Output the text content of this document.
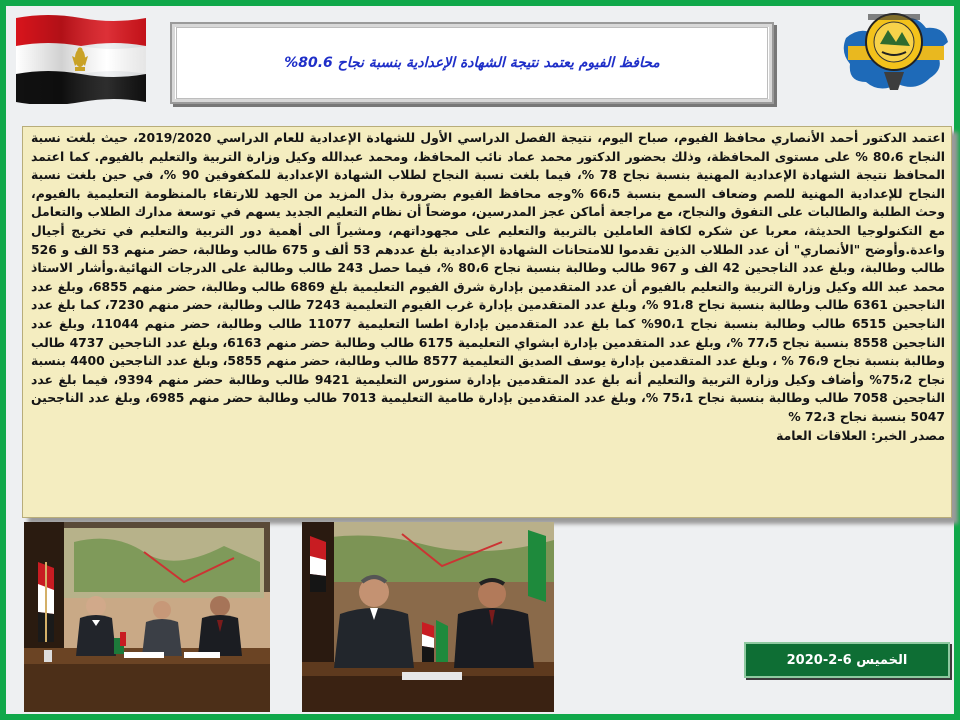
محافظ الفيوم يعتمد نتيجة الشهادة الإعدادية بنسبة نجاح 80.6%

اعتمد الدكتور أحمد الأنصاري محافظ الفيوم، صباح اليوم، نتيجة الفصل الدراسي الأول للشهادة الإعدادية للعام الدراسي 2019/2020، حيث بلغت نسبة النجاح 80،6 % على مستوى المحافظة، وذلك بحضور الدكتور محمد عماد نائب المحافظ، ومحمد عبدالله وكيل وزارة التربية والتعليم بالفيوم. كما اعتمد المحافظ نتيجة الشهادة الإعدادية المهنية بنسبة نجاح 78 %، فيما بلغت نسبة النجاح لطلاب الشهادة الإعدادية للمكفوفين 90 %، في حين بلغت نسبة النجاح للإعدادية المهنية للصم وضعاف السمع بنسبة 66،5 %وجه محافظ الفيوم بضرورة بذل المزيد من الجهد للارتقاء بالمنظومة التعليمية بالفيوم، وحث الطلبة والطالبات على التفوق والنجاح، مع مراجعة أماكن عجز المدرسين، موضحاً أن نظام التعليم الجديد يسهم في توسعة مدارك الطلاب والتعامل مع التكنولوجيا الحديثة، معربا عن شكره لكافة العاملين بالتربية والتعليم على مجهوداتهم، ومشيراً الى أهمية دور التربية والتعليم في تخريج أجيال واعدة.وأوضح "الأنصاري" أن عدد الطلاب الذين تقدموا للامتحانات الشهادة الإعدادية بلغ عددهم 53 ألف و 675 طالب وطالبة، حضر منهم 53 الف و 526 طالب وطالبة، وبلغ عدد الناجحين 42 الف و 967 طالب وطالبة بنسبة نجاح 80،6 %، فيما حصل 243 طالب وطالبة على الدرجات النهائية.وأشار الاستاذ محمد عبد الله وكيل وزارة التربية والتعليم بالفيوم أن عدد المتقدمين بإدارة شرق الفيوم التعليمية بلغ 6869 طالب وطالبة، حضر منهم 6855، وبلغ عدد الناجحين 6361 طالب وطالبة بنسبة نجاح 91،8 %، وبلغ عدد المتقدمين بإدارة غرب الفيوم التعليمية 7243 طالب وطالبة، حضر منهم 7230، كما بلغ عدد الناجحين 6515 طالب وطالبة بنسبة نجاح 90،1% كما بلغ عدد المتقدمين بإدارة اطسا التعليمية 11077 طالب وطالبة، حضر منهم 11044، وبلغ عدد الناجحين 8558 بنسبة نجاح 77،5 %، وبلغ عدد المتقدمين بإدارة ابشواي التعليمية 6175 طالب وطالبة حضر منهم 6163، وبلغ عدد الناجحين 4737 طالب وطالبة بنسبة نجاح 76،9 % ، وبلغ عدد المتقدمين بإدارة يوسف الصديق التعليمية 8577 طالب وطالبة، حضر منهم 5855، وبلغ عدد الناجحين 4400 بنسبة نجاح 75،2% وأضاف وكيل وزارة التربية والتعليم أنه بلغ عدد المتقدمين بإدارة سنورس التعليمية 9421 طالب وطالبة حضر منهم 9394، فيما بلغ عدد الناجحين 7058 طالب وطالبة بنسبة نجاح 75،1 %، وبلغ عدد المتقدمين بإدارة طامية التعليمية 7013 طالب وطالبة حضر منهم 6985، وبلغ عدد الناجحين 5047 بنسبة نجاح 72،3 %

مصدر الخبر: العلاقات العامة

الخميس 6-2-2020
